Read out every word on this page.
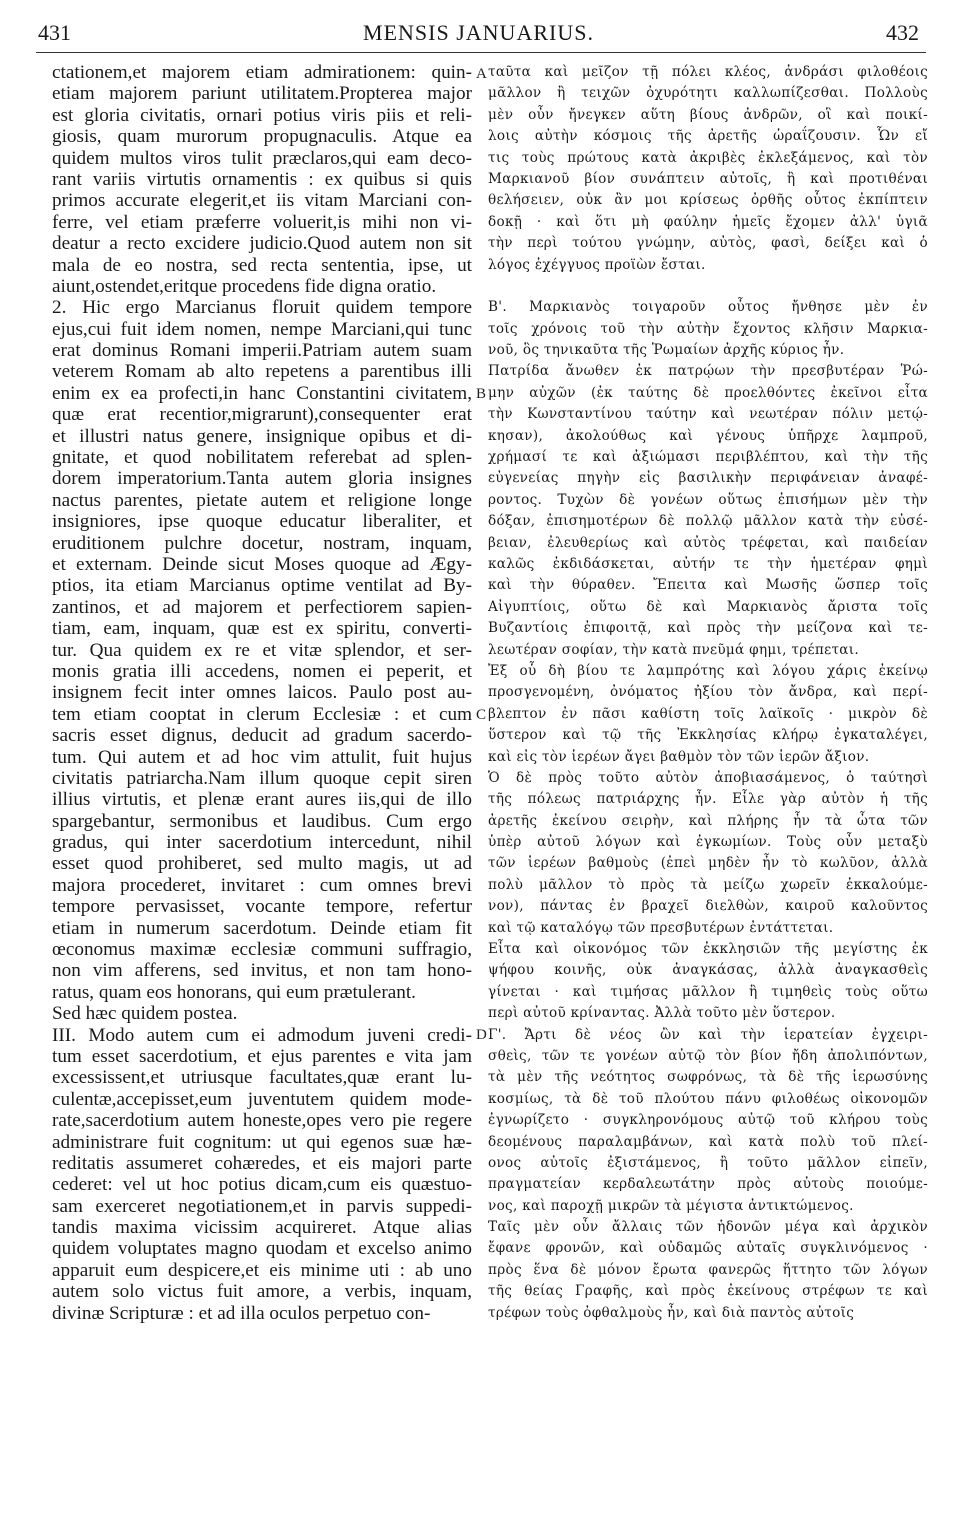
431	MENSIS JANUARIUS.	432
ctationem,et majorem etiam admirationem: quin-
etiam majorem pariunt utilitatem.Propterea major
est gloria civitatis, ornari potius viris piis et reli-
giosis, quam murorum propugnaculis. Atque ea
quidem multos viros tulit præclaros,qui eam deco-
rant variis virtutis ornamentis : ex quibus si quis
primos accurate elegerit,et iis vitam Marciani con-
ferre, vel etiam præferre voluerit,is mihi non vi-
deatur a recto excidere judicio.Quod autem non sit
mala de eo nostra, sed recta sententia, ipse, ut
aiunt,ostendet,eritque procedens fide digna oratio.
2. Hic ergo Marcianus floruit quidem tempore
ejus,cui fuit idem nomen, nempe Marciani,qui tunc
erat dominus Romani imperii.Patriam autem suam
veterem Romam ab alto repetens a parentibus illi
enim ex ea profecti,in hanc Constantini civitatem,
quæ erat recentior,migrarunt),consequenter erat
et illustri natus genere, insignique opibus et di-
gnitate, et quod nobilitatem referebat ad splen-
dorem imperatorium.Tanta autem gloria insignes
nactus parentes, pietate autem et religione longe
insigniores, ipse quoque educatur liberaliter, et
eruditionem pulchre docetur, nostram, inquam,
et externam. Deinde sicut Moses quoque ad Ægy-
ptios, ita etiam Marcianus optime ventilat ad By-
zantinos, et ad majorem et perfectiorem sapien-
tiam, eam, inquam, quæ est ex spiritu, converti-
tur. Qua quidem ex re et vitæ splendor, et ser-
monis gratia illi accedens, nomen ei peperit, et
insignem fecit inter omnes laicos. Paulo post au-
tem etiam cooptat in clerum Ecclesiæ : et cum
sacris esset dignus, deducit ad gradum sacerdo-
tum. Qui autem et ad hoc vim attulit, fuit hujus
civitatis patriarcha.Nam illum quoque cepit siren
illius virtutis, et plenæ erant aures iis,qui de illo
spargebantur, sermonibus et laudibus. Cum ergo
gradus, qui inter sacerdotium intercedunt, nihil
esset quod prohiberet, sed multo magis, ut ad
majora procederet, invitaret : cum omnes brevi
tempore pervasisset, vocante tempore, refertur
etiam in numerum sacerdotum. Deinde etiam fit
œconomus maximæ ecclesiæ communi suffragio,
non vim afferens, sed invitus, et non tam hono-
ratus, quam eos honorans, qui eum prætulerant.
Sed hæc quidem postea.
III. Modo autem cum ei admodum juveni credi-
tum esset sacerdotium, et ejus parentes e vita jam
excessissent,et utriusque facultates,quæ erant lu-
culentæ,accepisset,eum juventutem quidem mode-
rate,sacerdotium autem honeste,opes vero pie regere
administrare fuit cognitum: ut qui egenos suæ hæ-
reditatis assumeret cohæredes, et eis majori parte
cederet: vel ut hoc potius dicam,cum eis quæstuo-
sam exerceret negotiationem,et in parvis suppedi-
tandis maxima vicissim acquireret. Atque alias
quidem voluptates magno quodam et excelso animo
apparuit eum despicere,et eis minime uti : ab uno
autem solo victus fuit amore, a verbis, inquam,
divinæ Scripturæ : et ad illa oculos perpetuo con-
ταῦτα καὶ μεῖζον τῇ πόλει κλέος, ἀνδράσι φιλοθέοις
μᾶλλον ἢ τειχῶν ὀχυρότητι καλλωπίζεσθαι. Πολλοὺς
μὲν οὖν ἤνεγκεν αὕτη βίους ἀνδρῶν, οἳ καὶ ποικί-
λοις αὐτὴν κόσμοις τῆς ἀρετῆς ὡραΐζουσιν. Ὧν εἴ
τις τοὺς πρώτους κατὰ ἀκριβὲς ἐκλεξάμενος, καὶ τὸν
Μαρκιανοῦ βίον συνάπτειν αὐτοῖς, ἢ καὶ προτιθέναι
θελήσειεν, οὐκ ἂν μοι κρίσεως ὀρθῆς οὗτος ἐκπίπτειν
δοκῇ · καὶ ὅτι μὴ φαύλην ἡμεῖς ἔχομεν ἀλλ' ὑγιᾶ
τὴν περὶ τούτου γνώμην, αὐτὸς, φασὶ, δείξει καὶ ὁ
λόγος ἐχέγγυος προϊὼν ἔσται.
Β'. Μαρκιανὸς τοιγαροῦν οὗτος ἤνθησε μὲν ἐν
τοῖς χρόνοις τοῦ τὴν αὐτὴν ἔχοντος κλῆσιν Μαρκια-
νοῦ, ὃς τηνικαῦτα τῆς Ῥωμαίων ἀρχῆς κύριος ἦν.
Πατρίδα ἄνωθεν ἐκ πατρῴων τὴν πρεσβυτέραν Ῥώ-
μην αὐχῶν (ἐκ ταύτης δὲ προελθόντες ἐκεῖνοι εἶτα
τὴν Κωνσταντίνου ταύτην καὶ νεωτέραν πόλιν μετῴ-
κησαν), ἀκολούθως καὶ γένους ὑπῆρχε λαμπροῦ,
χρήμασί τε καὶ ἀξιώμασι περιβλέπτου, καὶ τὴν τῆς
εὐγενείας πηγὴν εἰς βασιλικὴν περιφάνειαν ἀναφέ-
ροντος. Τυχὼν δὲ γονέων οὕτως ἐπισήμων μὲν τὴν
δόξαν, ἐπισημοτέρων δὲ πολλῷ μᾶλλον κατὰ τὴν εὐσέ-
βειαν, ἐλευθερίως καὶ αὐτὸς τρέφεται, καὶ παιδείαν
καλῶς ἐκδιδάσκεται, αὐτήν τε τὴν ἡμετέραν φημὶ
καὶ τὴν θύραθεν. Ἔπειτα καὶ Μωσῆς ὥσπερ τοῖς
Αἰγυπτίοις, οὕτω δὲ καὶ Μαρκιανὸς ἄριστα τοῖς
Βυζαντίοις ἐπιφοιτᾷ, καὶ πρὸς τὴν μείζονα καὶ τε-
λεωτέραν σοφίαν, τὴν κατὰ πνεῦμά φημι, τρέπεται.
Ἐξ οὗ δὴ βίου τε λαμπρότης καὶ λόγου χάρις ἐκείνῳ
προσγενομένη, ὀνόματος ἠξίου τὸν ἄνδρα, καὶ περί-
βλεπτον ἐν πᾶσι καθίστη τοῖς λαϊκοῖς · μικρὸν δὲ
ὕστερον καὶ τῷ τῆς Ἐκκλησίας κλήρῳ ἐγκαταλέγει,
καὶ εἰς τὸν ἱερέων ἄγει βαθμὸν τὸν τῶν ἱερῶν ἄξιον.
Ὁ δὲ πρὸς τοῦτο αὐτὸν ἀποβιασάμενος, ὁ ταύτησὶ
τῆς πόλεως πατριάρχης ἦν. Εἷλε γὰρ αὐτὸν ἡ τῆς
ἀρετῆς ἐκείνου σειρὴν, καὶ πλήρης ἦν τὰ ὦτα τῶν
ὑπὲρ αὐτοῦ λόγων καὶ ἐγκωμίων. Τοὺς οὖν μεταξὺ
τῶν ἱερέων βαθμοὺς (ἐπεὶ μηδὲν ἦν τὸ κωλῦον, ἀλλὰ
πολὺ μᾶλλον τὸ πρὸς τὰ μείζω χωρεῖν ἐκκαλούμε-
νον), πάντας ἐν βραχεῖ διελθὼν, καιροῦ καλοῦντος
καὶ τῷ καταλόγῳ τῶν πρεσβυτέρων ἐντάττεται.
Εἶτα καὶ οἰκονόμος τῶν ἐκκλησιῶν τῆς μεγίστης ἐκ
ψήφου κοινῆς, οὐκ ἀναγκάσας, ἀλλὰ ἀναγκασθεὶς
γίνεται · καὶ τιμήσας μᾶλλον ἢ τιμηθεὶς τοὺς οὕτω
περὶ αὐτοῦ κρίναντας. Ἀλλὰ τοῦτο μὲν ὕστερον.
Γ'. Ἄρτι δὲ νέος ὢν καὶ τὴν ἱερατείαν ἐγχειρι-
σθεὶς, τῶν τε γονέων αὐτῷ τὸν βίον ἤδη ἀπολιπόντων,
τὰ μὲν τῆς νεότητος σωφρόνως, τὰ δὲ τῆς ἱερωσύνης
κοσμίως, τὰ δὲ τοῦ πλούτου πάνυ φιλοθέως οἰκονομῶν
ἐγνωρίζετο · συγκληρονόμους αὐτῷ τοῦ κλήρου τοὺς
δεομένους παραλαμβάνων, καὶ κατὰ πολὺ τοῦ πλεί-
ονος αὐτοῖς ἐξιστάμενος, ἢ τοῦτο μᾶλλον εἰπεῖν,
πραγματείαν κερδαλεωτάτην πρὸς αὐτοὺς ποιούμε-
νος, καὶ παροχῇ μικρῶν τὰ μέγιστα ἀντικτώμενος.
Ταῖς μὲν οὖν ἄλλαις τῶν ἡδονῶν μέγα καὶ ἀρχικὸν
ἔφανε φρονῶν, καὶ οὐδαμῶς αὐταῖς συγκλινόμενος ·
πρὸς ἕνα δὲ μόνον ἔρωτα φανερῶς ἥττητο τῶν λόγων
τῆς θείας Γραφῆς, καὶ πρὸς ἐκείνους στρέφων τε καὶ
τρέφων τοὺς ὀφθαλμοὺς ἦν, καὶ διὰ παντὸς αὐτοῖς
A
B
C
D
